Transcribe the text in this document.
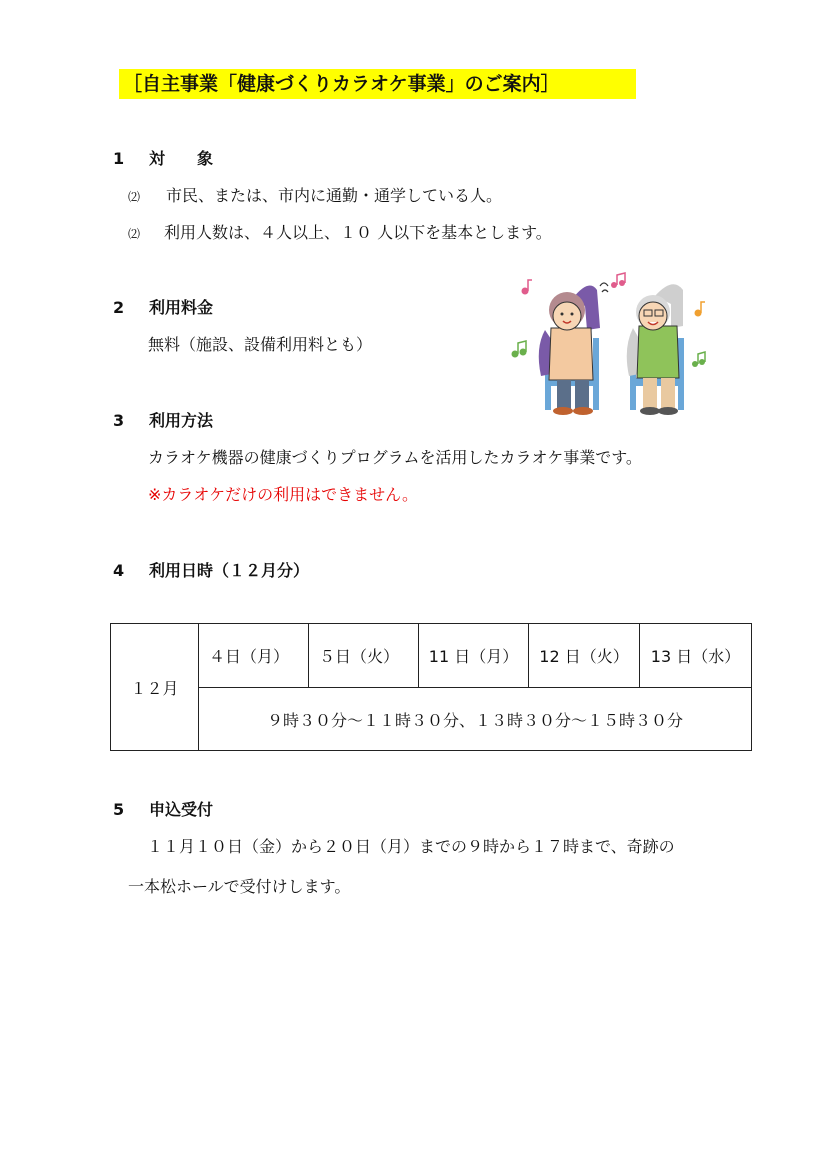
［自主事業「健康づくりカラオケ事業」のご案内］
1 対　　象
⑵ 市民、または、市内に通勤・通学している人。
⑵ 利用人数は、４人以上、１０ 人以下を基本とします。
2 利用料金
無料（施設、設備利用料とも）
3 利用方法
カラオケ機器の健康づくりプログラムを活用したカラオケ事業です。
※カラオケだけの利用はできません。
4 利用日時（１２月分）
１２月	４日（月）	５日（火）	11 日（月）	12 日（火）	13 日（水）
９時３０分～１１時３０分、１３時３０分～１５時３０分
5 申込受付
１１月１０日（金）から２０日（月）までの９時から１７時まで、奇跡の
一本松ホールで受付けします。
